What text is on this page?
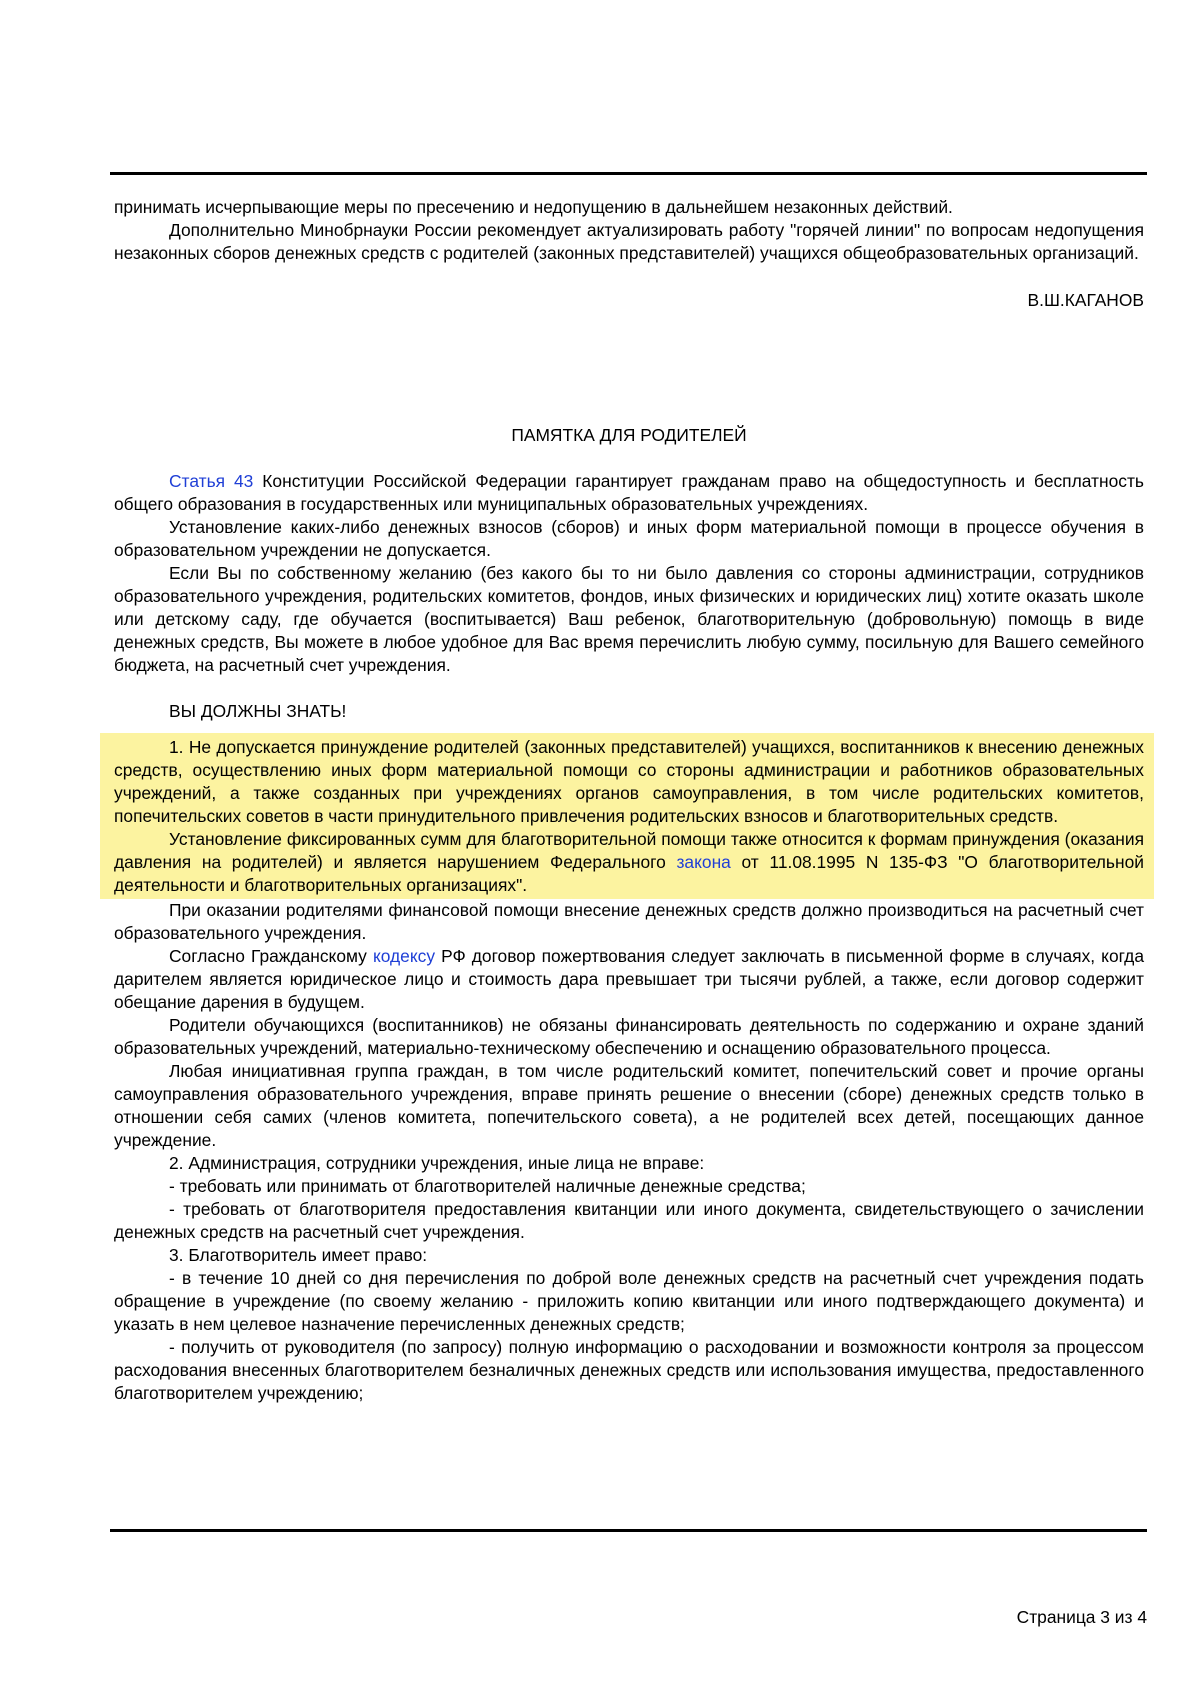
принимать исчерпывающие меры по пресечению и недопущению в дальнейшем незаконных действий.

Дополнительно Минобрнауки России рекомендует актуализировать работу "горячей линии" по вопросам недопущения незаконных сборов денежных средств с родителей (законных представителей) учащихся общеобразовательных организаций.

В.Ш.КАГАНОВ

ПАМЯТКА ДЛЯ РОДИТЕЛЕЙ

Статья 43 Конституции Российской Федерации гарантирует гражданам право на общедоступность и бесплатность общего образования в государственных или муниципальных образовательных учреждениях.

Установление каких-либо денежных взносов (сборов) и иных форм материальной помощи в процессе обучения в образовательном учреждении не допускается.

Если Вы по собственному желанию (без какого бы то ни было давления со стороны администрации, сотрудников образовательного учреждения, родительских комитетов, фондов, иных физических и юридических лиц) хотите оказать школе или детскому саду, где обучается (воспитывается) Ваш ребенок, благотворительную (добровольную) помощь в виде денежных средств, Вы можете в любое удобное для Вас время перечислить любую сумму, посильную для Вашего семейного бюджета, на расчетный счет учреждения.

ВЫ ДОЛЖНЫ ЗНАТЬ!

1. Не допускается принуждение родителей (законных представителей) учащихся, воспитанников к внесению денежных средств, осуществлению иных форм материальной помощи со стороны администрации и работников образовательных учреждений, а также созданных при учреждениях органов самоуправления, в том числе родительских комитетов, попечительских советов в части принудительного привлечения родительских взносов и благотворительных средств.

Установление фиксированных сумм для благотворительной помощи также относится к формам принуждения (оказания давления на родителей) и является нарушением Федерального закона от 11.08.1995 N 135-ФЗ "О благотворительной деятельности и благотворительных организациях".

При оказании родителями финансовой помощи внесение денежных средств должно производиться на расчетный счет образовательного учреждения.

Согласно Гражданскому кодексу РФ договор пожертвования следует заключать в письменной форме в случаях, когда дарителем является юридическое лицо и стоимость дара превышает три тысячи рублей, а также, если договор содержит обещание дарения в будущем.

Родители обучающихся (воспитанников) не обязаны финансировать деятельность по содержанию и охране зданий образовательных учреждений, материально-техническому обеспечению и оснащению образовательного процесса.

Любая инициативная группа граждан, в том числе родительский комитет, попечительский совет и прочие органы самоуправления образовательного учреждения, вправе принять решение о внесении (сборе) денежных средств только в отношении себя самих (членов комитета, попечительского совета), а не родителей всех детей, посещающих данное учреждение.

2. Администрация, сотрудники учреждения, иные лица не вправе:

- требовать или принимать от благотворителей наличные денежные средства;

- требовать от благотворителя предоставления квитанции или иного документа, свидетельствующего о зачислении денежных средств на расчетный счет учреждения.

3. Благотворитель имеет право:

- в течение 10 дней со дня перечисления по доброй воле денежных средств на расчетный счет учреждения подать обращение в учреждение (по своему желанию - приложить копию квитанции или иного подтверждающего документа) и указать в нем целевое назначение перечисленных денежных средств;

- получить от руководителя (по запросу) полную информацию о расходовании и возможности контроля за процессом расходования внесенных благотворителем безналичных денежных средств или использования имущества, предоставленного благотворителем учреждению;

Страница 3 из 4
